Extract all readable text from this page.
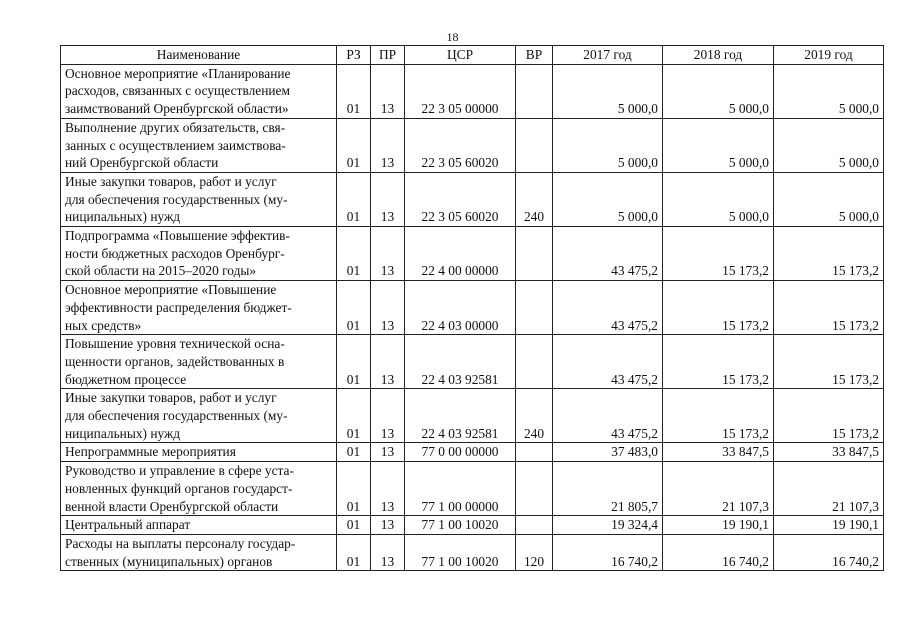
18
Наименование	РЗ	ПР	ЦСР	ВР	2017 год	2018 год	2019 год
Основное мероприятие «Планирование
расходов, связанных с осуществлением
заимствований Оренбургской области»	01	13	22 3 05 00000		5 000,0	5 000,0	5 000,0
Выполнение других обязательств, свя-
занных с осуществлением заимствова-
ний Оренбургской области	01	13	22 3 05 60020		5 000,0	5 000,0	5 000,0
Иные закупки товаров, работ и услуг
для обеспечения государственных (му-
ниципальных) нужд	01	13	22 3 05 60020	240	5 000,0	5 000,0	5 000,0
Подпрограмма «Повышение эффектив-
ности бюджетных расходов Оренбург-
ской области на 2015–2020 годы»	01	13	22 4 00 00000		43 475,2	15 173,2	15 173,2
Основное мероприятие «Повышение
эффективности распределения бюджет-
ных средств»	01	13	22 4 03 00000		43 475,2	15 173,2	15 173,2
Повышение уровня технической осна-
щенности органов, задействованных в
бюджетном процессе	01	13	22 4 03 92581		43 475,2	15 173,2	15 173,2
Иные закупки товаров, работ и услуг
для обеспечения государственных (му-
ниципальных) нужд	01	13	22 4 03 92581	240	43 475,2	15 173,2	15 173,2
Непрограммные мероприятия	01	13	77 0 00 00000		37 483,0	33 847,5	33 847,5
Руководство и управление в сфере уста-
новленных функций органов государст-
венной власти Оренбургской области	01	13	77 1 00 00000		21 805,7	21 107,3	21 107,3
Центральный аппарат	01	13	77 1 00 10020		19 324,4	19 190,1	19 190,1
Расходы на выплаты персоналу государ-
ственных (муниципальных) органов	01	13	77 1 00 10020	120	16 740,2	16 740,2	16 740,2
